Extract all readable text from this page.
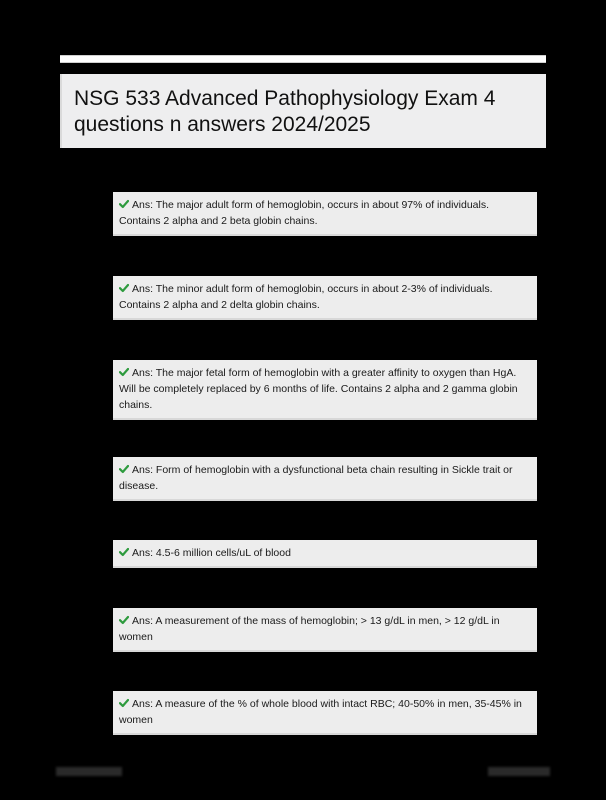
NSG 533 Advanced Pathophysiology Exam 4 questions n answers 2024/2025
Ans: The major adult form of hemoglobin, occurs in about 97% of individuals. Contains 2 alpha and 2 beta globin chains.
Ans: The minor adult form of hemoglobin, occurs in about 2-3% of individuals. Contains 2 alpha and 2 delta globin chains.
Ans: The major fetal form of hemoglobin with a greater affinity to oxygen than HgA. Will be completely replaced by 6 months of life. Contains 2 alpha and 2 gamma globin chains.
Ans: Form of hemoglobin with a dysfunctional beta chain resulting in Sickle trait or disease.
Ans: 4.5-6 million cells/uL of blood
Ans: A measurement of the mass of hemoglobin; > 13 g/dL in men, > 12 g/dL in women
Ans: A measure of the % of whole blood with intact RBC; 40-50% in men, 35-45% in women
